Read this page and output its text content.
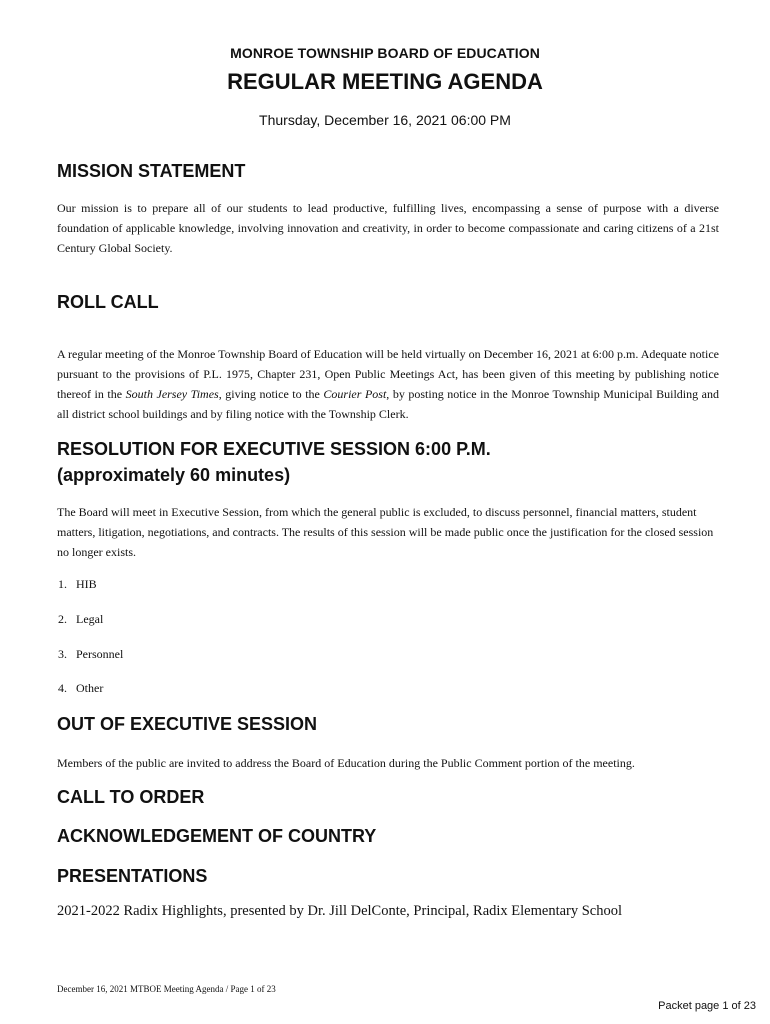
MONROE TOWNSHIP BOARD OF EDUCATION
REGULAR MEETING AGENDA
Thursday, December 16, 2021 06:00 PM
MISSION STATEMENT

Our mission is to prepare all of our students to lead productive, fulfilling lives, encompassing a sense of purpose with a diverse foundation of applicable knowledge, involving innovation and creativity, in order to become compassionate and caring citizens of a 21st Century Global Society.

ROLL CALL

A regular meeting of the Monroe Township Board of Education will be held virtually on December 16, 2021 at 6:00 p.m. Adequate notice pursuant to the provisions of P.L. 1975, Chapter 231, Open Public Meetings Act, has been given of this meeting by publishing notice thereof in the South Jersey Times, giving notice to the Courier Post, by posting notice in the Monroe Township Municipal Building and all district school buildings and by filing notice with the Township Clerk.

RESOLUTION FOR EXECUTIVE SESSION 6:00 P.M.
(approximately 60 minutes)

The Board will meet in Executive Session, from which the general public is excluded, to discuss personnel, financial matters, student matters, litigation, negotiations, and contracts. The results of this session will be made public once the justification for the closed session no longer exists.

1. HIB
2. Legal
3. Personnel
4. Other
OUT OF EXECUTIVE SESSION

Members of the public are invited to address the Board of Education during the Public Comment portion of the meeting.

CALL TO ORDER
ACKNOWLEDGEMENT OF COUNTRY
PRESENTATIONS

2021-2022 Radix Highlights, presented by Dr. Jill DelConte, Principal, Radix Elementary School

December 16, 2021 MTBOE Meeting Agenda / Page 1 of 23
Packet page 1 of 23
